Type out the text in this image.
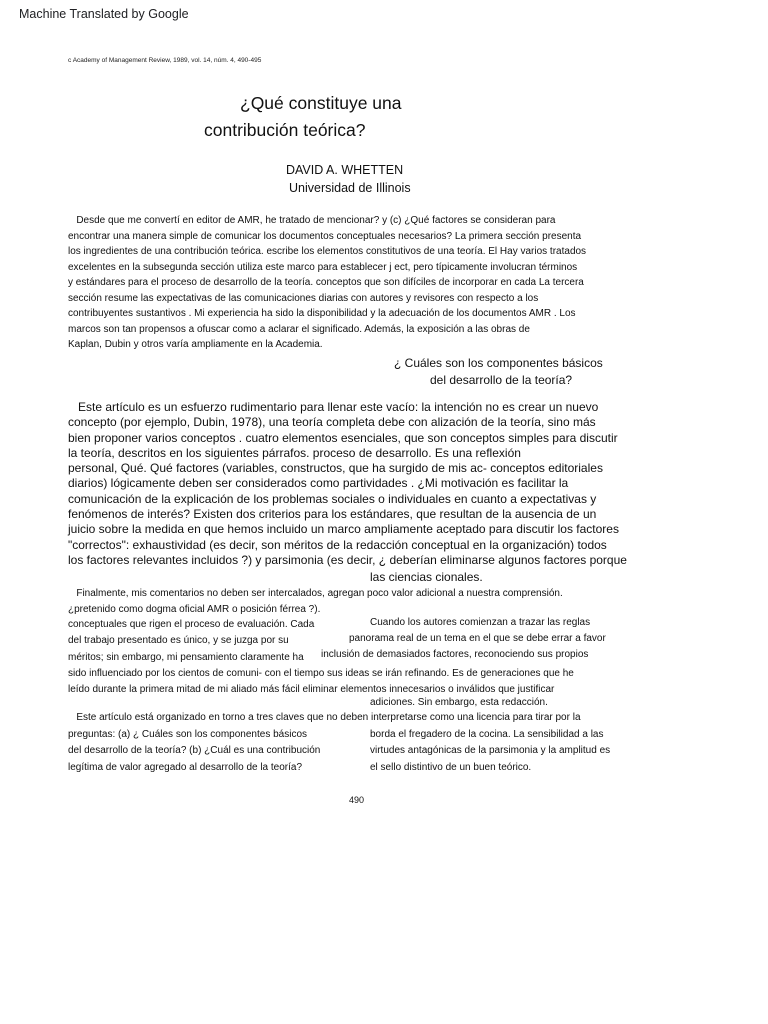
Machine Translated by Google
c Academy of Management Review, 1989, vol. 14, núm. 4, 490-495
¿Qué constituye una
contribución teórica?
DAVID A. WHETTEN
Universidad de Illinois
Desde que me convertí en editor de AMR, he tratado de mencionar? y (c) ¿Qué factores se consideran para
encontrar una manera simple de comunicar los documentos conceptuales necesarios? La primera sección presenta
los ingredientes de una contribución teórica. escribe los elementos constitutivos de una teoría. El Hay varios tratados
excelentes en la subsegunda sección utiliza este marco para establecer j ect, pero típicamente involucran términos
y estándares para el proceso de desarrollo de la teoría. conceptos que son difíciles de incorporar en cada La tercera
sección resume las expectativas de las comunicaciones diarias con autores y revisores con respecto a los
contribuyentes sustantivos . Mi experiencia ha sido la disponibilidad y la adecuación de los documentos AMR . Los
marcos son tan propensos a ofuscar como a aclarar el significado. Además, la exposición a las obras de
Kaplan, Dubin y otros varía ampliamente en la Academia.
¿ Cuáles son los componentes básicos
del desarrollo de la teoría?
Este artículo es un esfuerzo rudimentario para llenar este vacío: la intención no es crear un nuevo
concepto (por ejemplo, Dubin, 1978), una teoría completa debe con alización de la teoría, sino más
bien proponer varios conceptos . cuatro elementos esenciales, que son conceptos simples para discutir
la teoría, descritos en los siguientes párrafos. proceso de desarrollo. Es una reflexión
personal, Qué. Qué factores (variables, constructos, que ha surgido de mis ac- conceptos editoriales
diarios) lógicamente deben ser considerados como partividades . ¿Mi motivación es facilitar la
comunicación de la explicación de los problemas sociales o individuales en cuanto a expectativas y
fenómenos de interés? Existen dos criterios para los estándares, que resultan de la ausencia de un
juicio sobre la medida en que hemos incluido un marco ampliamente aceptado para discutir los factores
"correctos": exhaustividad (es decir, son méritos de la redacción conceptual en la organización) todos
los factores relevantes incluidos ?) y parsimonia (es decir, ¿ deberían eliminarse algunos factores porque
las ciencias cionales.
Finalmente, mis comentarios no deben ser intercalados, agregan poco valor adicional a nuestra comprensión.
¿pretenido como dogma oficial AMR o posición férrea ?).
conceptuales que rigen el proceso de evaluación. Cada
del trabajo presentado es único, y se juzga por su
méritos; sin embargo, mi pensamiento claramente ha
sido influenciado por los cientos de comuni- con el tiempo sus ideas se irán refinando. Es de generaciones que he
leído durante la primera mitad de mi aliado más fácil eliminar elementos innecesarios o inválidos que justificar
Cuando los autores comienzan a trazar las reglas
panorama real de un tema en el que se debe errar a favor
inclusión de demasiados factores, reconociendo sus propios
adiciones. Sin embargo, esta redacción.
Este artículo está organizado en torno a tres claves que no deben interpretarse como una licencia para tirar por la
preguntas: (a) ¿ Cuáles son los componentes básicos
del desarrollo de la teoría? (b) ¿Cuál es una contribución
legítima de valor agregado al desarrollo de la teoría?
borda el fregadero de la cocina. La sensibilidad a las
virtudes antagónicas de la parsimonia y la amplitud es
el sello distintivo de un buen teórico.
490
